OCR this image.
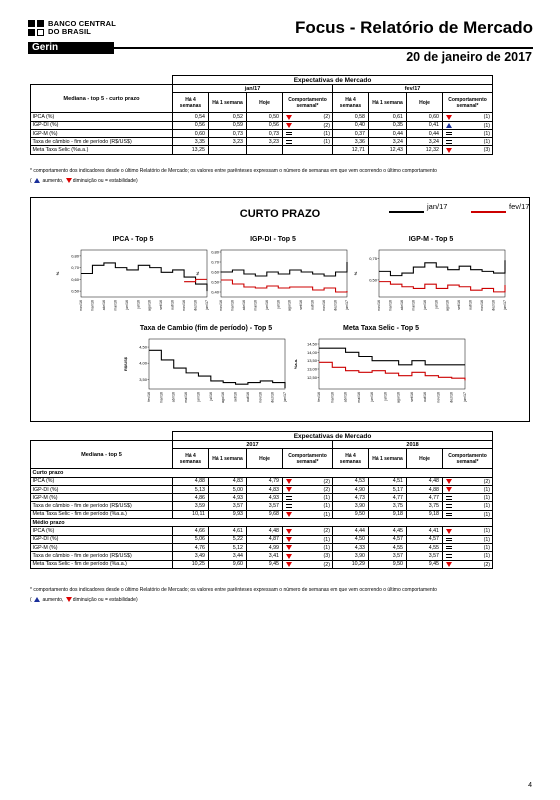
BANCO CENTRAL
DO BRASIL
Gerin
Focus - Relatório de Mercado
20 de janeiro de 2017
	Expectativas de Mercado								
Mediana - top 5 - curto prazo	jan/17				fev/17				
	Há 4 semanas	Há 1 semana	Hoje	Comportamento semanal*	Há 4 semanas	Há 1 semana	Hoje	Comportamento semanal*	
IPCA (%)	0,54	0,52	0,50	(2)	0,58	0,61	0,60	(1)	

IGP-DI (%)	0,56	0,59	0,56	(2)	0,40	0,35	0,41	(1)	

IGP-M (%)	0,60	0,73	0,73	(1)	0,37	0,44	0,44	(1)	

Taxa de câmbio - fim de período (R$/US$)	3,35	3,23	3,23	(1)	3,36	3,24	3,24	(1)	

Meta Taxa Selic (%a.a.)	13,25				12,71	12,43	12,32	(3)	

* comportamento dos indicadores desde o último Relatório de Mercado; os valores entre parênteses expressam o número de semanas em que vem ocorrendo o último comportamento
( aumento, diminuição ou = estabilidade)
CURTO PRAZO
jan/17	fev/17
IPCA - Top 5
0,50
0,60
0,70
0,80
%
nov/16 mar/16 abr/16 mai/16 jun/16 jul/16 ago/16 set/16 out/16 nov/16 dez/16 jan/17
IGP-DI - Top 5
0,40
0,50
0,60
0,70
0,80
%
nov/16 mar/16 abr/16 mai/16 jun/16 jul/16 ago/16 set/16 out/16 nov/16 dez/16 jan/17
IGP-M - Top 5
0,50
0,75
%
nov/16 mar/16 abr/16 mai/16 jun/16 jul/16 ago/16 set/16 out/16 nov/16 dez/16 jan/17
Taxa de Cambio (fim de período) - Top 5
3,50
4,00
4,50
R$/US$
fev/16 mar/16 abr/16 mai/16 jun/16 jul/16 ago/16 set/16 out/16 nov/16 dez/16 jan/17
Meta Taxa Selic - Top 5
12,50
13,00
13,50
14,00
14,50
%a.a.
fev/16	mar/16	abr/16	mai/16	jun/16	jul/16	ago/16	set/16	out/16	nov/16	dez/16	jan/17
	Expectativas de Mercado								
Mediana - top 5	2017				2018				
	Há 4 semanas	Há 1 semana	Hoje	Comportamento semanal*	Há 4 semanas	Há 1 semana	Hoje	Comportamento semanal*	
Curto prazo									
IPCA (%)	4,88	4,83	4,79	(2)	4,53	4,51	4,48	(2)	

IGP-DI (%)	5,13	5,00	4,83	(2)	4,90	5,17	4,88	(1)	

IGP-M (%)	4,86	4,93	4,93	(1)	4,73	4,77	4,77	(1)	

Taxa de câmbio - fim de período (R$/US$)	3,59	3,57	3,57	(1)	3,90	3,75	3,75	(1)	

Meta Taxa Selic - fim de período (%a.a.)	10,11	9,93	9,68	(1)	9,50	9,18	9,18	(1)	

Médio prazo									
IPCA (%)	4,66	4,61	4,48	(2)	4,44	4,45	4,41	(1)	

IGP-DI (%)	5,06	5,22	4,87	(1)	4,50	4,57	4,57	(1)	

IGP-M (%)	4,76	5,12	4,99	(1)	4,33	4,55	4,55	(1)	

Taxa de câmbio - fim de período (R$/US$)	3,49	3,44	3,41	(3)	3,90	3,57	3,57	(1)	

Meta Taxa Selic - fim de período (%a.a.)	10,25	9,60	9,45	(2)	10,29	9,50	9,45	(2)	

* comportamento dos indicadores desde o último Relatório de Mercado; os valores entre parênteses expressam o número de semanas em que vem ocorrendo o último comportamento
( aumento, diminuição ou = estabilidade)
4
